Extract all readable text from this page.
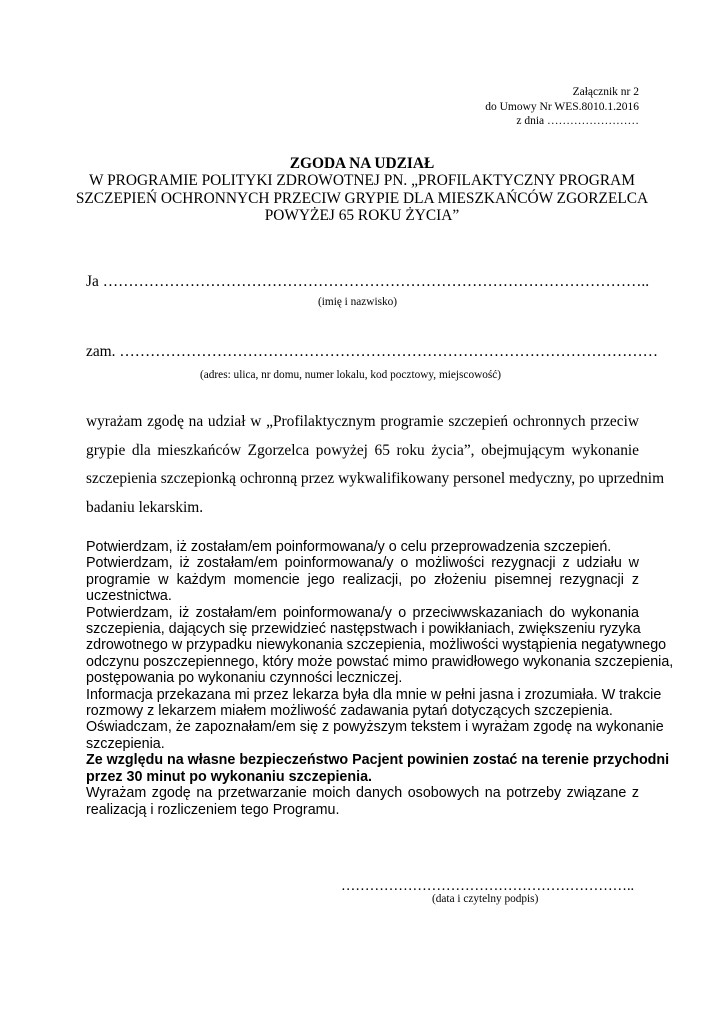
Załącznik nr 2
do Umowy Nr WES.8010.1.2016
z dnia ……………………
ZGODA NA UDZIAŁ
W PROGRAMIE POLITYKI ZDROWOTNEJ PN. „PROFILAKTYCZNY PROGRAM
SZCZEPIEŃ OCHRONNYCH PRZECIW GRYPIE DLA MIESZKAŃCÓW ZGORZELCA
POWYŻEJ 65 ROKU ŻYCIA”
Ja ……………………………………………………………………………………………..
(imię i nazwisko)
zam. ……………………………………………………………………………………………
(adres: ulica, nr domu, numer lokalu, kod pocztowy, miejscowość)
wyrażam zgodę na udział w „Profilaktycznym programie szczepień ochronnych przeciw
grypie dla mieszkańców Zgorzelca powyżej 65 roku życia”, obejmującym wykonanie
szczepienia szczepionką ochronną przez wykwalifikowany personel medyczny, po uprzednim
badaniu lekarskim.
Potwierdzam, iż zostałam/em poinformowana/y o celu przeprowadzenia szczepień.
Potwierdzam, iż zostałam/em poinformowana/y o możliwości rezygnacji z udziału w
programie w każdym momencie jego realizacji, po złożeniu pisemnej rezygnacji z
uczestnictwa.
Potwierdzam, iż zostałam/em poinformowana/y o przeciwwskazaniach do wykonania
szczepienia, dających się przewidzieć następstwach i powikłaniach, zwiększeniu ryzyka
zdrowotnego w przypadku niewykonania szczepienia, możliwości wystąpienia negatywnego
odczynu poszczepiennego, który może powstać mimo prawidłowego wykonania szczepienia,
postępowania po wykonaniu czynności leczniczej.
Informacja przekazana mi przez lekarza była dla mnie w pełni jasna i zrozumiała. W trakcie
rozmowy z lekarzem miałem możliwość zadawania pytań dotyczących szczepienia.
Oświadczam, że zapoznałam/em się z powyższym tekstem i wyrażam zgodę na wykonanie
szczepienia.
Ze względu na własne bezpieczeństwo Pacjent powinien zostać na terenie przychodni
przez 30 minut po wykonaniu szczepienia.
Wyrażam zgodę na przetwarzanie moich danych osobowych na potrzeby związane z
realizacją i rozliczeniem tego Programu.
……………………………………………………..
(data i czytelny podpis)
